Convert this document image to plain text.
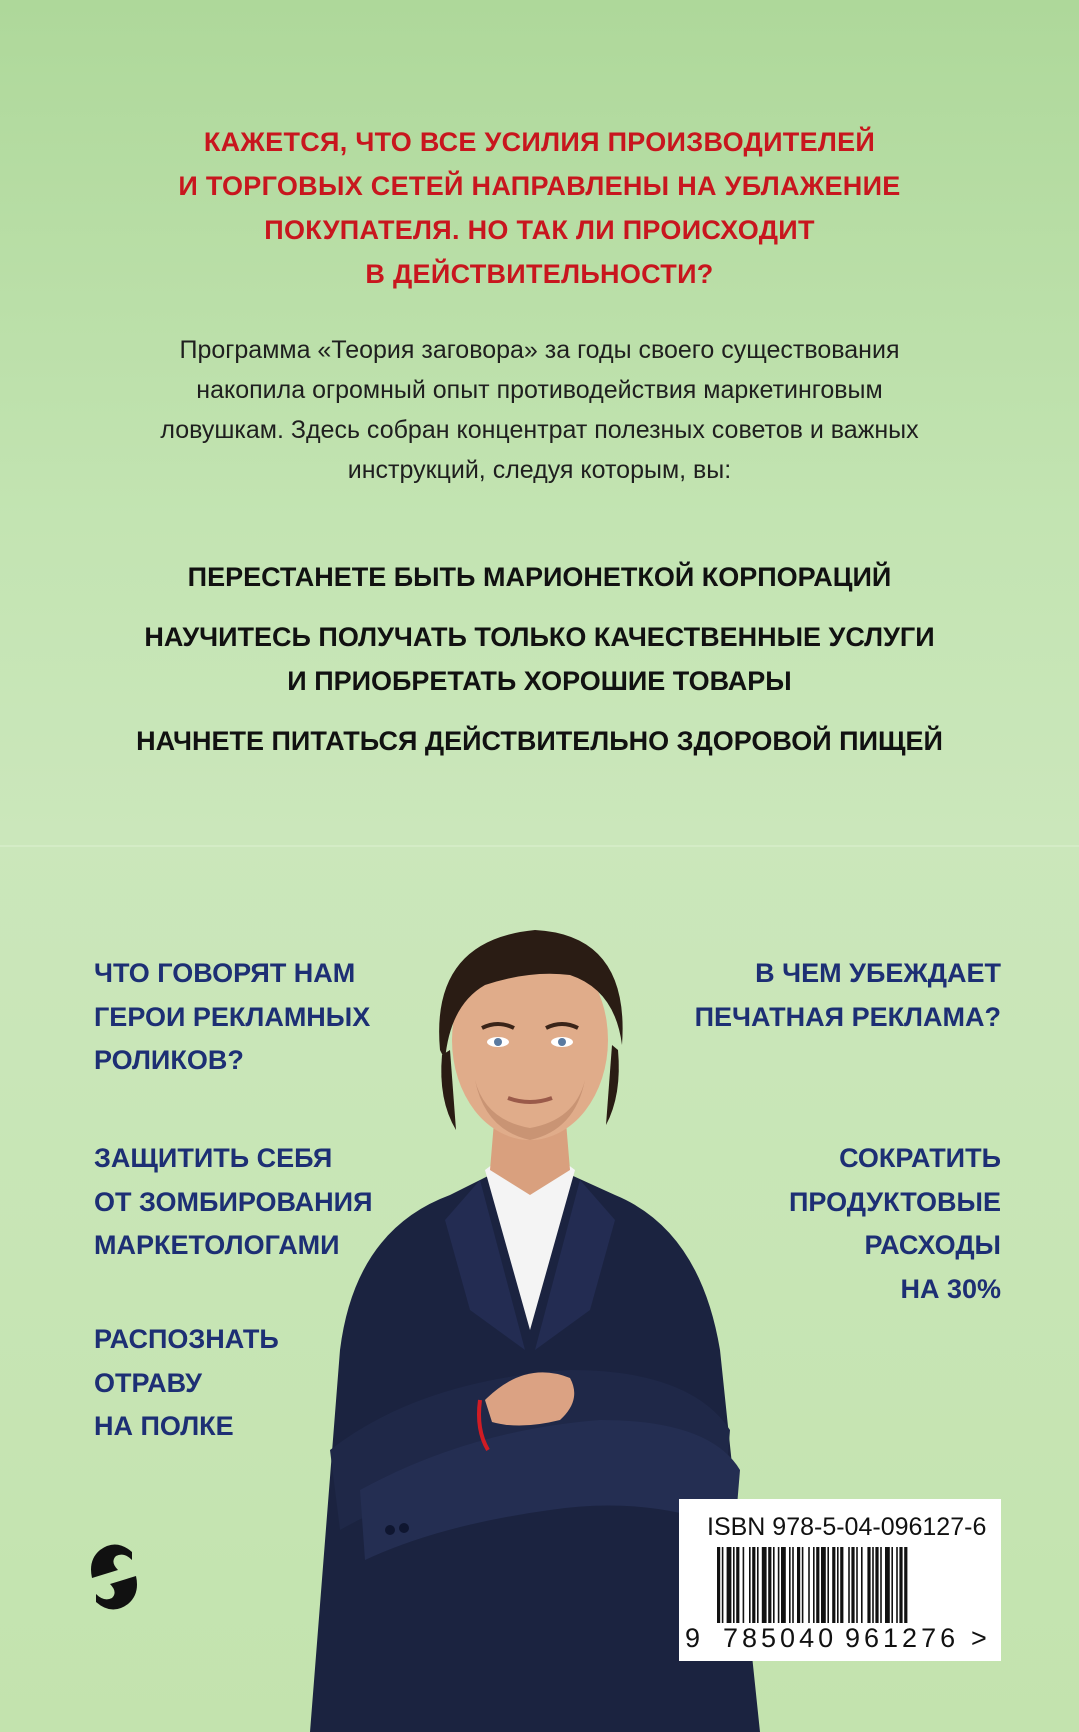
КАЖЕТСЯ, ЧТО ВСЕ УСИЛИЯ ПРОИЗВОДИТЕЛЕЙ
И ТОРГОВЫХ СЕТЕЙ НАПРАВЛЕНЫ НА УБЛАЖЕНИЕ
ПОКУПАТЕЛЯ. НО ТАК ЛИ ПРОИСХОДИТ
В ДЕЙСТВИТЕЛЬНОСТИ?
Программа «Теория заговора» за годы своего существования
накопила огромный опыт противодействия маркетинговым
ловушкам. Здесь собран концентрат полезных советов и важных
инструкций, следуя которым, вы:
ПЕРЕСТАНЕТЕ БЫТЬ МАРИОНЕТКОЙ КОРПОРАЦИЙ
НАУЧИТЕСЬ ПОЛУЧАТЬ ТОЛЬКО КАЧЕСТВЕННЫЕ УСЛУГИ
И ПРИОБРЕТАТЬ ХОРОШИЕ ТОВАРЫ
НАЧНЕТЕ ПИТАТЬСЯ ДЕЙСТВИТЕЛЬНО ЗДОРОВОЙ ПИЩЕЙ
ЧТО ГОВОРЯТ НАМ
ГЕРОИ РЕКЛАМНЫХ
РОЛИКОВ?
ЗАЩИТИТЬ СЕБЯ
ОТ ЗОМБИРОВАНИЯ
МАРКЕТОЛОГАМИ
РАСПОЗНАТЬ
ОТРАВУ
НА ПОЛКЕ
В ЧЕМ УБЕЖДАЕТ
ПЕЧАТНАЯ РЕКЛАМА?
СОКРАТИТЬ
ПРОДУКТОВЫЕ
РАСХОДЫ
НА 30%
ISBN 978-5-04-096127-6
9 785040 961276 >
